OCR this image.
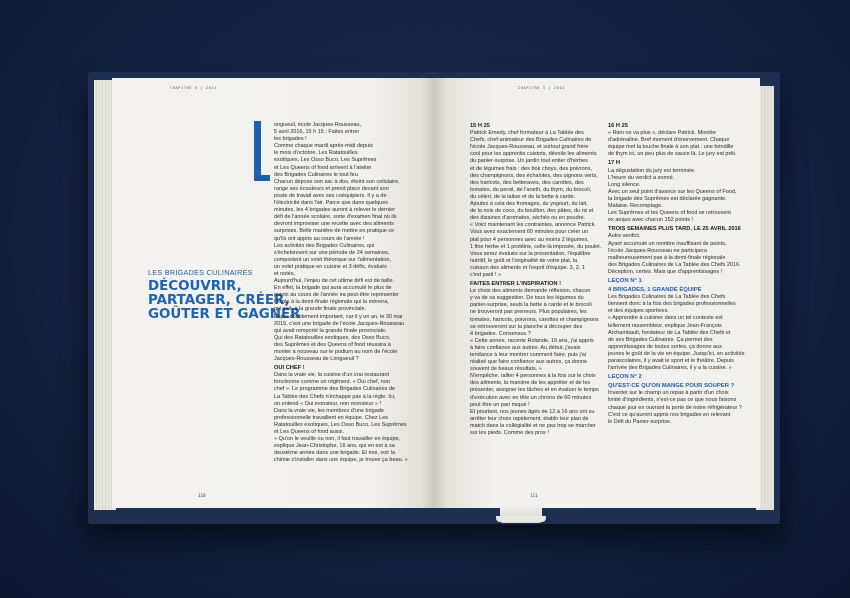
CHAPITRE 5 | 2015
LES BRIGADES CULINAIRES
DÉCOUVRIR,
PARTAGER, CRÉER,
GOÛTER ET GAGNER
ongueuil, école Jacques-Rousseau,
5 avril 2016, 15 h 15 : Faites entrer
les brigades !
Comme chaque mardi après-midi depuis
le mois d'octobre, Les Ratatouilles
exotiques, Les Osso Buco, Les Suprêmes
et Les Queens of food arrivent à l'atelier
des Brigades Culinaires le tout feu.
Chacun dépose son sac à dos, éteint son cellulaire,
range ses écouteurs et prend place devant son
poste de travail avec ses coéquipiers. Il y a de
l'électricité dans l'air. Parce que dans quelques
minutes, les 4 brigades auront à relever le dernier
défi de l'année scolaire, sorte d'examen final où ils
devront improviser une recette avec des aliments
surprises. Belle manière de mettre en pratique ce
qu'ils ont appris au cours de l'année !
Les activités des Brigades Culinaires, qui
s'échelonnent sur une période de 24 semaines,
comportent un volet théorique sur l'alimentation,
un volet pratique en cuisine et 3 défis, évalués
et notés.
Aujourd'hui, l'enjeu de cet ultime défi est de taille.
En effet, la brigade qui aura accumulé le plus de
points au cours de l'année ira peut-être représenter
l'école à la demi-finale régionale qui la mènera,
qui sait, à la grande finale provinciale.
Enjeu doublement important, car il y un an, le 30 mai
2015, c'est une brigade de l'école Jacques-Rousseau
qui avait remporté la grande finale provinciale.
Qui des Ratatouilles exotiques, des Osso Buco,
des Suprêmes et des Queens of food réussira à
monter à nouveau sur le podium au nom de l'école
Jacques-Rousseau de Longueuil ?
OUI CHEF !
Dans la vraie vie, la cuisine d'un vrai restaurant
fonctionne comme un régiment. « Oui chef, non
chef ». Le programme des Brigades Culinaires de
La Tablée des Chefs n'échappe pas à la règle. Ici,
on entend « Oui monsieur, non monsieur » !
Dans la vraie vie, les membres d'une brigade
professionnelle travaillent en équipe. Chez Les
Ratatouilles exotiques, Les Osso Buco, Les Suprêmes
et Les Queens of food aussi.
« Qu'on le veuille ou non, il faut travailler en équipe,
explique Jean-Christophe, 16 ans, qui en est à sa
deuxième année dans une brigade. Et moi, voir la
chimie s'installer dans une équipe, je trouve ça beau. »
110
CHAPITRE 5 | 2015
15 H 25
Patrick Emedy, chef formateur à La Tablée des
Chefs, chef-animateur des Brigades Culinaires de
l'école Jacques-Rousseau, et surtout grand frère
cool pour les apprentis cuistots, dévoile les aliments
du panier-surprise. Un jardin tout entier d'herbes
et de légumes frais : des bok choys, des poivrons,
des champignons, des échalotes, des oignons verts,
des haricots, des betteraves, des carottes, des
tomates, du persil, de l'aneth, du thym, du brocoli,
du céleri, de la laitue et de la bette à carde.
Ajoutez à cela des fromages, du yogourt, du lait,
de la noix de coco, du bouillon, des pâtes, du riz et
des dizaines d'aromates, séchés ou en poudre.
« Voici maintenant les contraintes, annonce Patrick.
Vous avez exactement 60 minutes pour créer un
plat pour 4 personnes avec au moins 2 légumes,
1 fine herbe et 1 protéine, celle-là imposée, du poulet.
Vous serez évalués sur la présentation, l'équilibre
nutritif, le goût et l'originalité de votre plat, la
cuisson des aliments et l'esprit d'équipe. 3, 2, 1
c'est parti ! »
FAITES ENTRER L'INSPIRATION !
Le choix des aliments demande réflexion, chacun
y va de sa suggestion. De tous les légumes du
panier-surprise, seuls la bette à carde et le brocoli
ne trouveront pas preneurs. Plus populaires, les
tomates, haricots, poivrons, carottes et champignons
se retrouveront sur la planche à découper des
4 brigades. Consensus ?
« Cette année, raconte Rolande, 16 ans, j'ai appris
à faire confiance aux autres. Au début, j'avais
tendance à leur montrer comment faire, puis j'ai
réalisé que faire confiance aux autres, ça donne
souvent de beaux résultats. »
N'empêche, rallier 4 personnes à la fois sur le choix
des aliments, la manière de les apprêter et de les
présenter, assigner les tâches et en évaluer le temps
d'exécution avec en tête un chrono de 60 minutes
peut être un pari risqué !
Et pourtant, nos jeunes âgés de 12 à 16 ans ont su
arrêter leur choix rapidement, établir leur plan de
match dans la collégialité et ne pas trop se marcher
sur les pieds. Comme des pros !
16 H 25
« Rien ne va plus », déclare Patrick. Montée
d'adrénaline. Bref moment d'énervement. Chaque
équipe met la touche finale à son plat : une brindille
de thym ici, un peu plus de sauce là. Le jury est prêt.
17 H
La dégustation du jury est terminée.
L'heure du verdict a sonné.
Long silence.
Avec un seul point d'avance sur les Queens of Food,
la brigade des Suprêmes est déclarée gagnante.
Malaise. Recomptage.
Les Suprêmes et les Queens of food se retrouvent
ex aequo avec chacun 152 points !
TROIS SEMAINES PLUS TARD, LE 25 AVRIL 2016
Autre verdict.
Ayant accumulé un nombre insuffisant de points,
l'école Jacques-Rousseau ne participera
malheureusement pas à la demi-finale régionale
des Brigades Culinaires de La Tablée des Chefs 2016.
Déception, certes. Mais que d'apprentissages !
LEÇON N° 1
4 BRIGADES, 1 GRANDE ÉQUIPE
Les Brigades Culinaires de La Tablée des Chefs
tiennent donc à la fois des brigades professionnelles
et des équipes sportives.
« Apprendre à cuisiner dans un tel contexte est
tellement rassembleur, explique Jean-François
Archambault, fondateur de La Tablée des Chefs et
de ses Brigades Culinaires. Ça permet des
apprentissages de toutes sortes, ça donne aux
jeunes le goût de la vie en équipe. Jusqu'ici, en activités
parascolaires, il y avait le sport et le théâtre. Depuis
l'arrivée des Brigades Culinaires, il y a la cuisine. »
LEÇON N° 2
QU'EST-CE QU'ON MANGE POUR SOUPER ?
Inventer sur le champ un repas à partir d'un choix
limité d'ingrédients, n'est-ce pas ce que nous faisons
chaque jour en ouvrant la porte de notre réfrigérateur ?
C'est ce qu'auront appris nos brigades en relevant
le Défi du Panier-surprise.
111
